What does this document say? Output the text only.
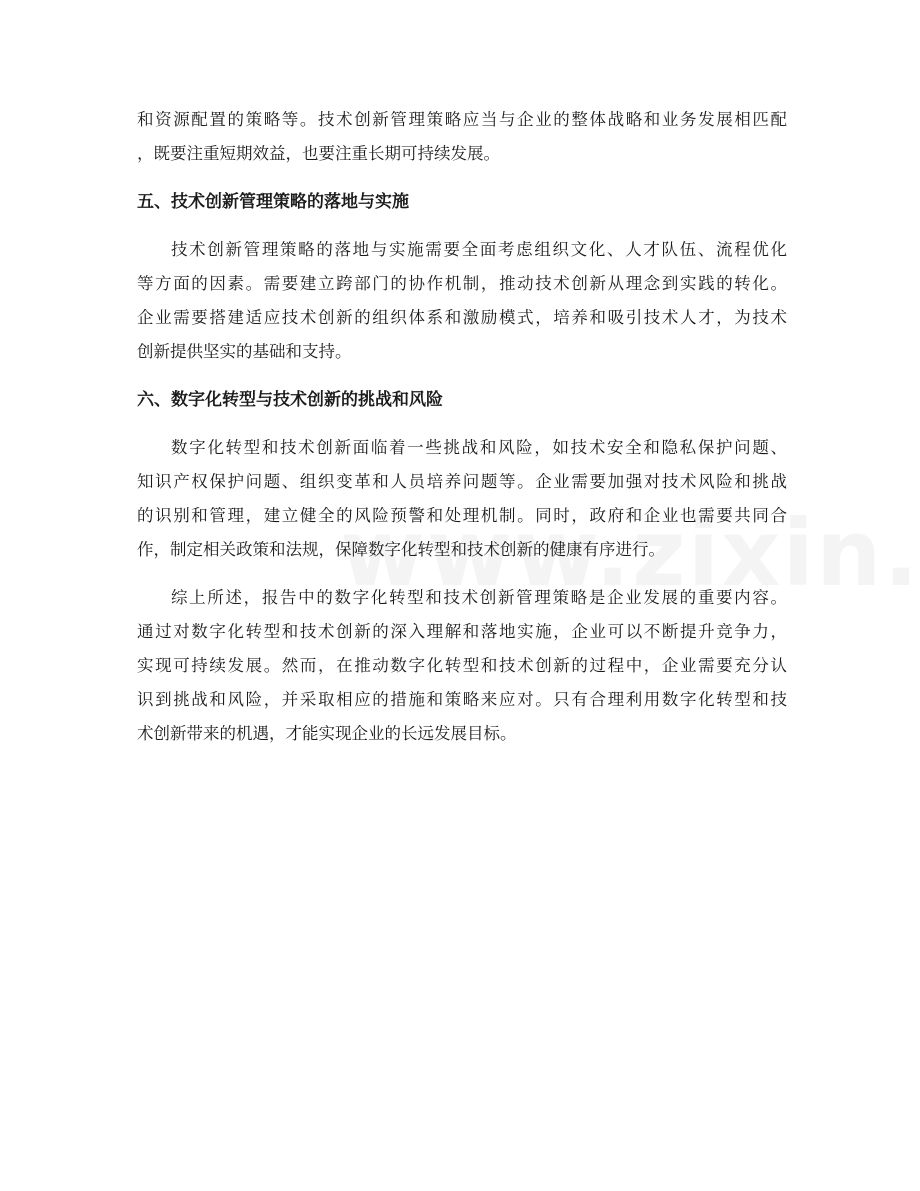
和资源配置的策略等。技术创新管理策略应当与企业的整体战略和业务发展相匹配
，既要注重短期效益，也要注重长期可持续发展。
五、技术创新管理策略的落地与实施
技术创新管理策略的落地与实施需要全面考虑组织文化、人才队伍、流程优化
等方面的因素。需要建立跨部门的协作机制，推动技术创新从理念到实践的转化。
企业需要搭建适应技术创新的组织体系和激励模式，培养和吸引技术人才，为技术
创新提供坚实的基础和支持。
六、数字化转型与技术创新的挑战和风险
数字化转型和技术创新面临着一些挑战和风险，如技术安全和隐私保护问题、
知识产权保护问题、组织变革和人员培养问题等。企业需要加强对技术风险和挑战
的识别和管理，建立健全的风险预警和处理机制。同时，政府和企业也需要共同合
作，制定相关政策和法规，保障数字化转型和技术创新的健康有序进行。
综上所述，报告中的数字化转型和技术创新管理策略是企业发展的重要内容。
通过对数字化转型和技术创新的深入理解和落地实施，企业可以不断提升竞争力，
实现可持续发展。然而，在推动数字化转型和技术创新的过程中，企业需要充分认
识到挑战和风险，并采取相应的措施和策略来应对。只有合理利用数字化转型和技
术创新带来的机遇，才能实现企业的长远发展目标。
